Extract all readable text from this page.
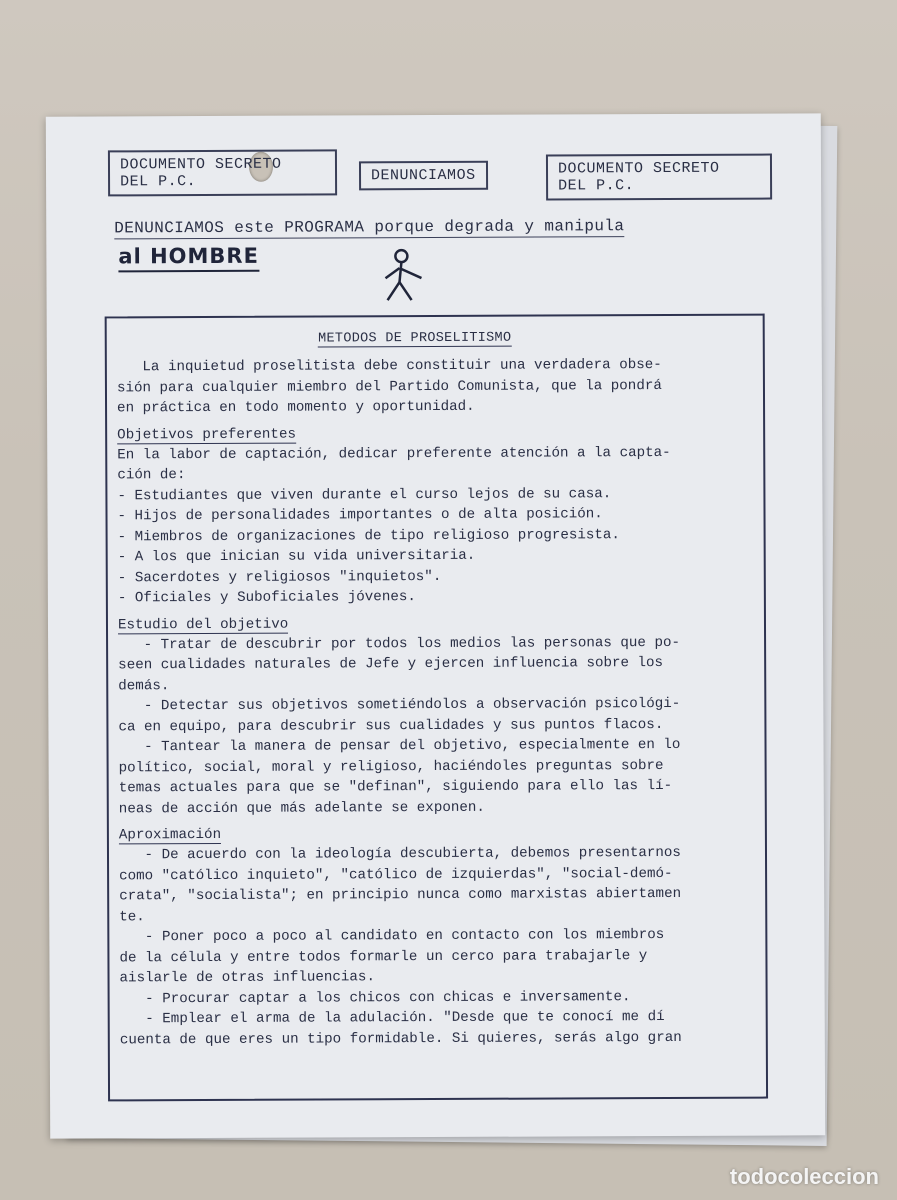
DOCUMENTO SECRETO
DEL P.C.	DENUNCIAMOS	DOCUMENTO SECRETO
DEL P.C.
DENUNCIAMOS este PROGRAMA porque degrada y manipula
al HOMBRE
METODOS DE PROSELITISMO
La inquietud proselitista debe constituir una verdadera obse-
sión para cualquier miembro del Partido Comunista, que la pondrá
en práctica en todo momento y oportunidad.
Objetivos preferentes
En la labor de captación, dedicar preferente atención a la capta-
ción de:
- Estudiantes que viven durante el curso lejos de su casa.
- Hijos de personalidades importantes o de alta posición.
- Miembros de organizaciones de tipo religioso progresista.
- A los que inician su vida universitaria.
- Sacerdotes y religiosos "inquietos".
- Oficiales y Suboficiales jóvenes.
Estudio del objetivo
- Tratar de descubrir por todos los medios las personas que po-
seen cualidades naturales de Jefe y ejercen influencia sobre los
demás.
- Detectar sus objetivos sometiéndolos a observación psicológi-
ca en equipo, para descubrir sus cualidades y sus puntos flacos.
- Tantear la manera de pensar del objetivo, especialmente en lo
político, social, moral y religioso, haciéndoles preguntas sobre
temas actuales para que se "definan", siguiendo para ello las lí-
neas de acción que más adelante se exponen.
Aproximación
- De acuerdo con la ideología descubierta, debemos presentarnos
como "católico inquieto", "católico de izquierdas", "social-demó-
crata", "socialista"; en principio nunca como marxistas abiertamen
te.
- Poner poco a poco al candidato en contacto con los miembros
de la célula y entre todos formarle un cerco para trabajarle y
aislarle de otras influencias.
- Procurar captar a los chicos con chicas e inversamente.
- Emplear el arma de la adulación. "Desde que te conocí me dí
cuenta de que eres un tipo formidable. Si quieres, serás algo gran
todocoleccion
